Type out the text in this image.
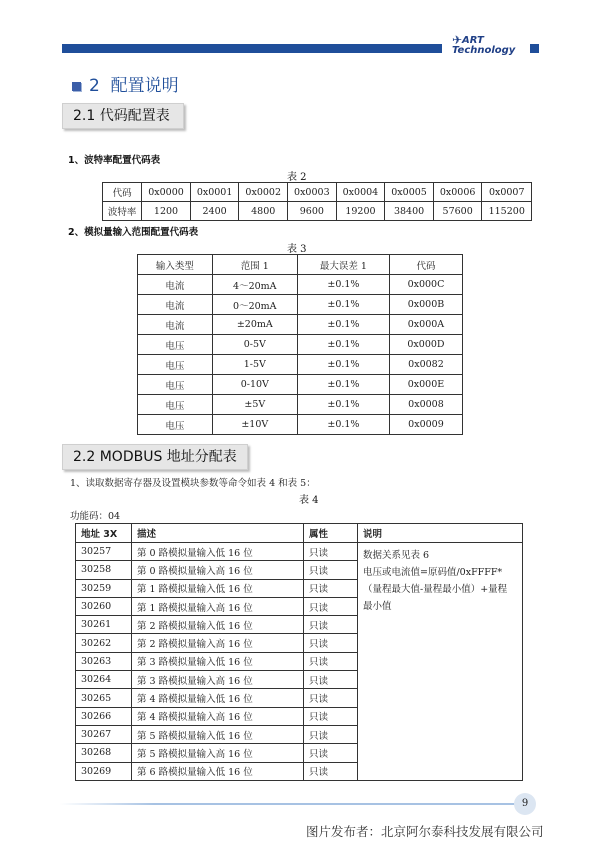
✈ ART
Technology
2 配置说明
2.1 代码配置表
1、波特率配置代码表
表 2
代码	0x0000	0x0001	0x0002	0x0003	0x0004	0x0005	0x0006	0x0007
波特率	1200	2400	4800	9600	19200	38400	57600	115200
2、模拟量输入范围配置代码表
表 3
输入类型	范围 1	最大误差 1	代码
电流	4～20mA	±0.1%	0x000C
电流	0～20mA	±0.1%	0x000B
电流	±20mA	±0.1%	0x000A
电压	0-5V	±0.1%	0x000D
电压	1-5V	±0.1%	0x0082
电压	0-10V	±0.1%	0x000E
电压	±5V	±0.1%	0x0008
电压	±10V	±0.1%	0x0009
2.2 MODBUS 地址分配表
1、读取数据寄存器及设置模块参数等命令如表 4 和表 5：
表 4
功能码：04
地址 3X	描述	属性	说明
30257	第 0 路模拟量输入低 16 位	只读	数据关系见表 6
电压或电流值=原码值/0xFFFF*
（量程最大值-量程最小值）+量程
最小值

30258	第 0 路模拟量输入高 16 位	只读	
30259	第 1 路模拟量输入低 16 位	只读	
30260	第 1 路模拟量输入高 16 位	只读	
30261	第 2 路模拟量输入低 16 位	只读	
30262	第 2 路模拟量输入高 16 位	只读	
30263	第 3 路模拟量输入低 16 位	只读	
30264	第 3 路模拟量输入高 16 位	只读	
30265	第 4 路模拟量输入低 16 位	只读	
30266	第 4 路模拟量输入高 16 位	只读	
30267	第 5 路模拟量输入低 16 位	只读	
30268	第 5 路模拟量输入高 16 位	只读	
30269	第 6 路模拟量输入低 16 位	只读	
9
图片发布者：北京阿尔泰科技发展有限公司
